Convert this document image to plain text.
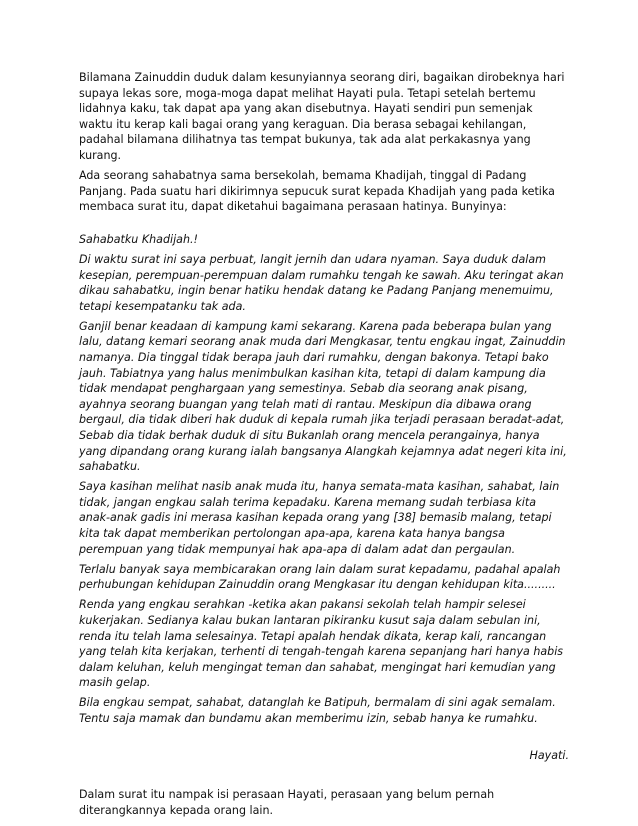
Bilamana Zainuddin duduk dalam kesunyiannya seorang diri, bagaikan dirobeknya hari supaya lekas sore, moga-moga dapat melihat Hayati pula. Tetapi setelah bertemu lidahnya kaku, tak dapat apa yang akan disebutnya. Hayati sendiri pun semenjak waktu itu kerap kali bagai orang yang keraguan. Dia berasa sebagai kehilangan, padahal bilamana dilihatnya tas tempat bukunya, tak ada alat perkakasnya yang kurang.

Ada seorang sahabatnya sama bersekolah, bemama Khadijah, tinggal di Padang Panjang. Pada suatu hari dikirimnya sepucuk surat kepada Khadijah yang pada ketika membaca surat itu, dapat diketahui bagaimana perasaan hatinya. Bunyinya:

Sahabatku Khadijah.!

Di waktu surat ini saya perbuat, langit jernih dan udara nyaman. Saya duduk dalam kesepian, perempuan-perempuan dalam rumahku tengah ke sawah. Aku teringat akan dikau sahabatku, ingin benar hatiku hendak datang ke Padang Panjang menemuimu, tetapi kesempatanku tak ada.

Ganjil benar keadaan di kampung kami sekarang. Karena pada beberapa bulan yang lalu, datang kemari seorang anak muda dari Mengkasar, tentu engkau ingat, Zainuddin namanya. Dia tinggal tidak berapa jauh dari rumahku, dengan bakonya. Tetapi bako jauh. Tabiatnya yang halus menimbulkan kasihan kita, tetapi di dalam kampung dia tidak mendapat penghargaan yang semestinya. Sebab dia seorang anak pisang, ayahnya seorang buangan yang telah mati di rantau. Meskipun dia dibawa orang bergaul, dia tidak diberi hak duduk di kepala rumah jika terjadi perasaan beradat-adat, Sebab dia tidak berhak duduk di situ Bukanlah orang mencela perangainya, hanya yang dipandang orang kurang ialah bangsanya Alangkah kejamnya adat negeri kita ini, sahabatku.

Saya kasihan melihat nasib anak muda itu, hanya semata-mata kasihan, sahabat, lain tidak, jangan engkau salah terima kepadaku. Karena memang sudah terbiasa kita anak-anak gadis ini merasa kasihan kepada orang yang [38] bemasib malang, tetapi kita tak dapat memberikan pertolongan apa-apa, karena kata hanya bangsa perempuan yang tidak mempunyai hak apa-apa di dalam adat dan pergaulan.

Terlalu banyak saya membicarakan orang lain dalam surat kepadamu, padahal apalah perhubungan kehidupan Zainuddin orang Mengkasar itu dengan kehidupan kita.........

Renda yang engkau serahkan -ketika akan pakansi sekolah telah hampir selesei kukerjakan. Sedianya kalau bukan lantaran pikiranku kusut saja dalam sebulan ini, renda itu telah lama selesainya. Tetapi apalah hendak dikata, kerap kali, rancangan yang telah kita kerjakan, terhenti di tengah-tengah karena sepanjang hari hanya habis dalam keluhan, keluh mengingat teman dan sahabat, mengingat hari kemudian yang masih gelap.

Bila engkau sempat, sahabat, datanglah ke Batipuh, bermalam di sini agak semalam. Tentu saja mamak dan bundamu akan memberimu izin, sebab hanya ke rumahku.

Hayati.

Dalam surat itu nampak isi perasaan Hayati, perasaan yang belum pernah diterangkannya kepada orang lain.
